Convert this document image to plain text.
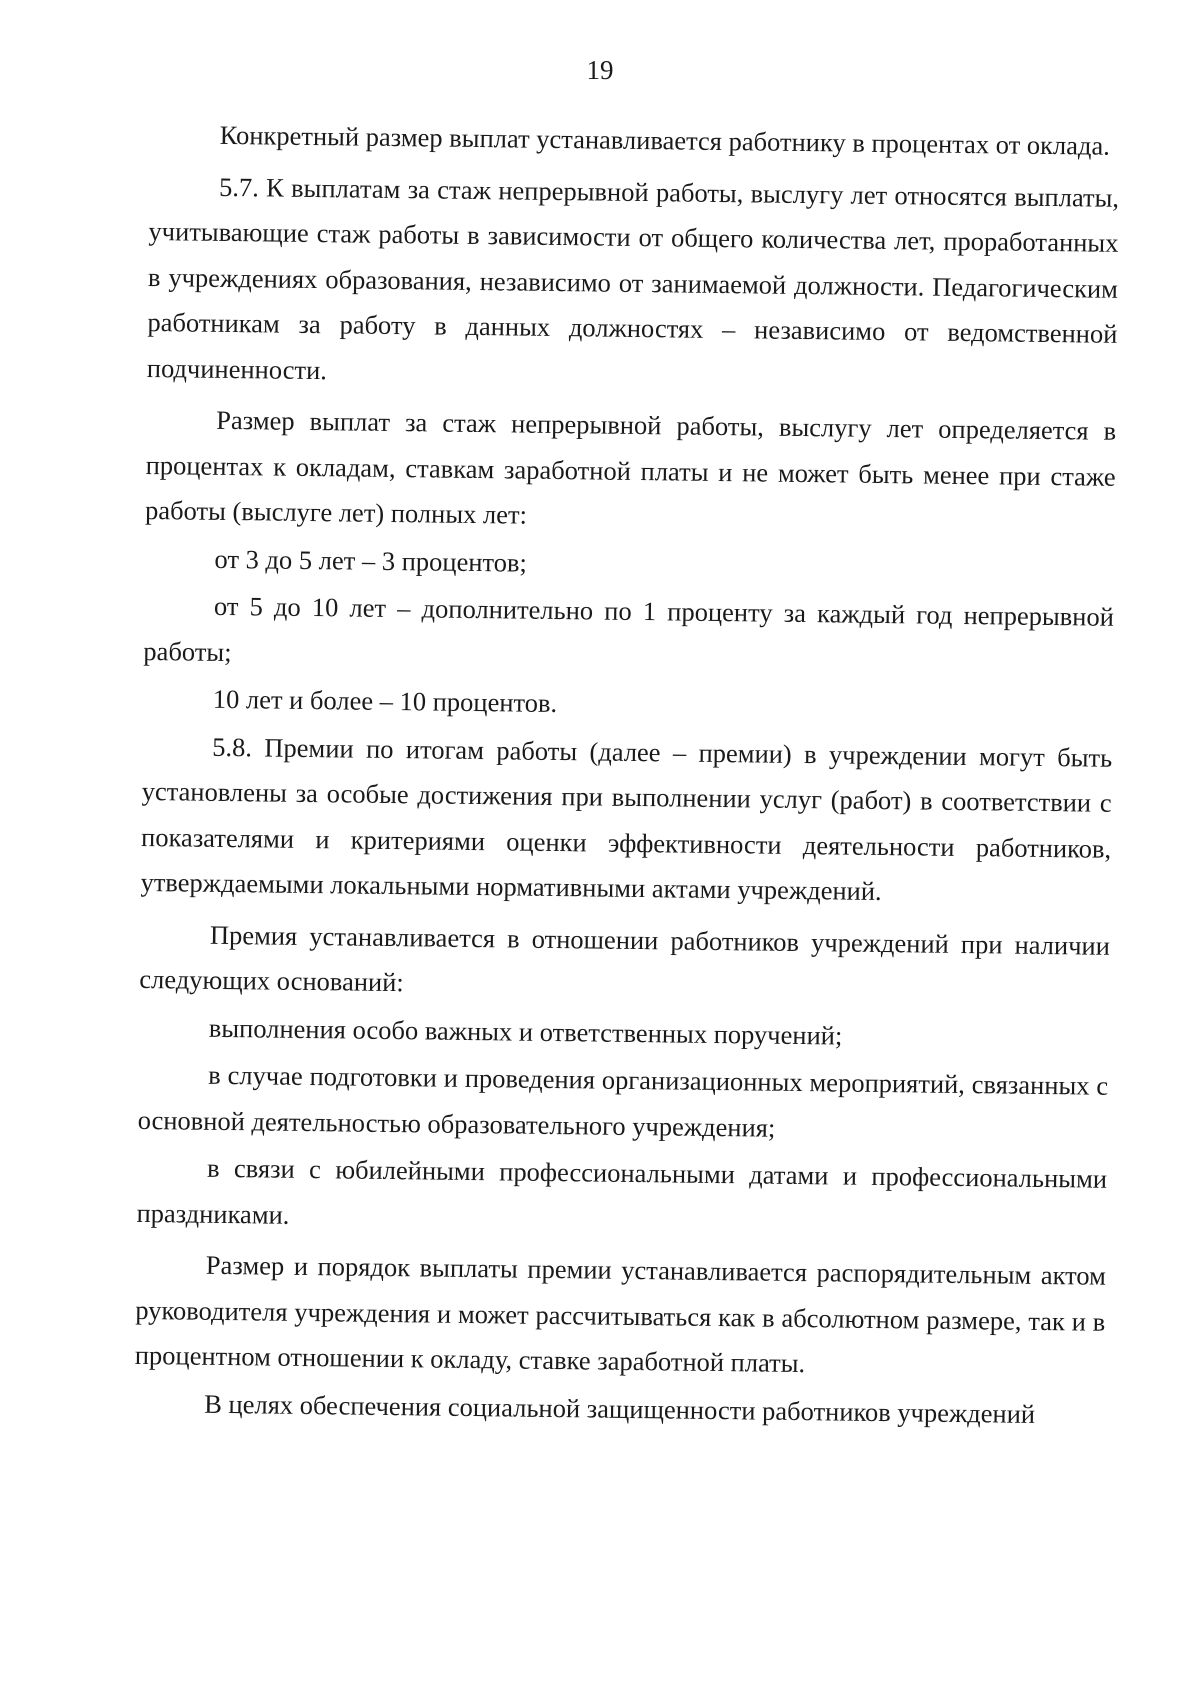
19

Конкретный размер выплат устанавливается работнику в процентах от оклада.

5.7. К выплатам за стаж непрерывной работы, выслугу лет относятся выплаты, учитывающие стаж работы в зависимости от общего количества лет, проработанных в учреждениях образования, независимо от занимаемой должности. Педагогическим работникам за работу в данных должностях – независимо от ведомственной подчиненности.

Размер выплат за стаж непрерывной работы, выслугу лет определяется в процентах к окладам, ставкам заработной платы и не может быть менее при стаже работы (выслуге лет) полных лет:

от 3 до 5 лет – 3 процентов;

от 5 до 10 лет – дополнительно по 1 проценту за каждый год непрерывной работы;

10 лет и более – 10 процентов.

5.8. Премии по итогам работы (далее – премии) в учреждении могут быть установлены за особые достижения при выполнении услуг (работ) в соответствии с показателями и критериями оценки эффективности деятельности работников, утверждаемыми локальными нормативными актами учреждений.

Премия устанавливается в отношении работников учреждений при наличии следующих оснований:

выполнения особо важных и ответственных поручений;

в случае подготовки и проведения организационных мероприятий, связанных с основной деятельностью образовательного учреждения;

в связи с юбилейными профессиональными датами и профессиональными праздниками.

Размер и порядок выплаты премии устанавливается распорядительным актом руководителя учреждения и может рассчитываться как в абсолютном размере, так и в процентном отношении к окладу, ставке заработной платы.

В целях обеспечения социальной защищенности работников учреждений
